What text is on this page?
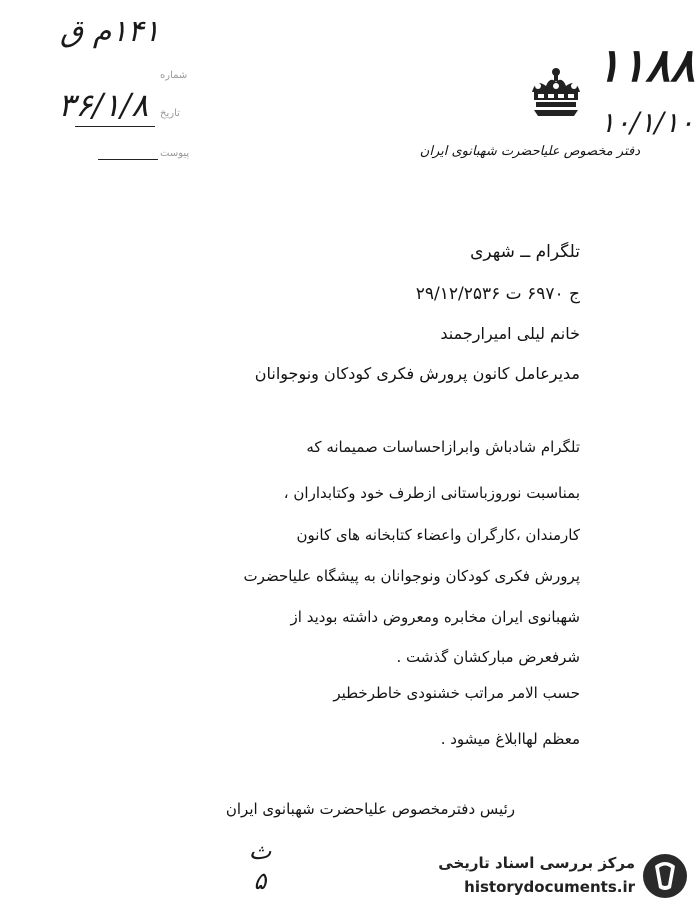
۱۴۱م ق
شماره
تاریخ
۳۶/۱/۸
پیوست
۱۱۸۸
۱۰/۱/۱۰
دفتر مخصوص علیاحضرت شهبانوی ایران
تلگرام ــ شهری
ج ۶۹۷۰ ت ۲۹/۱۲/۲۵۳۶
خانم لیلی امیرارجمند
مدیرعامل کانون پرورش فکری کودکان ونوجوانان
تلگرام شادباش وابرازاحساسات صمیمانه که
بمناسبت نوروزباستانی ازطرف خود وکتابداران ،
کارمندان ،کارگران واعضاء کتابخانه های کانون
پرورش فکری کودکان ونوجوانان به پیشگاه علیاحضرت
شهبانوی ایران مخابره ومعروض داشته بودید از
شرفعرض مبارکشان گذشت .
حسب الامر مراتب خشنودی خاطرخطیر
معظم لهاابلاغ میشود .
رئیس دفترمخصوص علیاحضرت شهبانوی ایران
ث ۵
مرکز بررسی اسناد تاریخی
historydocuments.ir
